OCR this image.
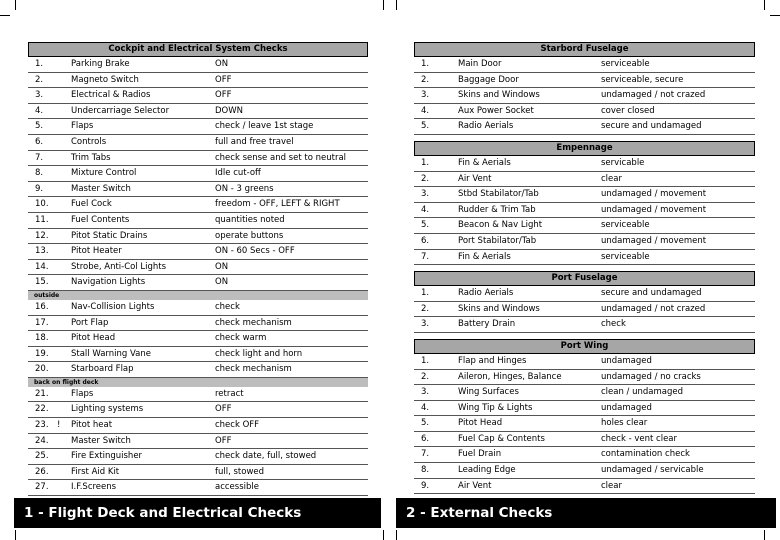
Cockpit and Electrical System Checks
1.	Parking Brake	ON
2.	Magneto Switch	OFF
3.	Electrical & Radios	OFF
4.	Undercarriage Selector	DOWN
5.	Flaps	check / leave 1st stage
6.	Controls	full and free travel
7.	Trim Tabs	check sense and set to neutral
8.	Mixture Control	Idle cut-off
9.	Master Switch	ON - 3 greens
10.	Fuel Cock	freedom - OFF, LEFT & RIGHT
11.	Fuel Contents	quantities noted
12.	Pitot Static Drains	operate buttons
13.	Pitot Heater	ON - 60 Secs - OFF
14.	Strobe, Anti-Col Lights	ON
15.	Navigation Lights	ON
outside
16.	Nav-Collision Lights	check
17.	Port Flap	check mechanism
18.	Pitot Head	check warm
19.	Stall Warning Vane	check light and horn
20.	Starboard Flap	check mechanism
back on flight deck
21.	Flaps	retract
22.	Lighting systems	OFF
23. ! Pitot heat	check OFF
24.	Master Switch	OFF
25.	Fire Extinguisher	check date, full, stowed
26.	First Aid Kit	full, stowed
27.	I.F.Screens	accessible
Starbord Fuselage
1.	Main Door	serviceable
2.	Baggage Door	serviceable, secure
3.	Skins and Windows	undamaged / not crazed
4.	Aux Power Socket	cover closed
5.	Radio Aerials	secure and undamaged
Empennage
1.	Fin & Aerials	servicable
2.	Air Vent	clear
3.	Stbd Stabilator/Tab	undamaged / movement
4.	Rudder & Trim Tab	undamaged / movement
5.	Beacon & Nav Light	serviceable
6.	Port Stabilator/Tab	undamaged / movement
7.	Fin & Aerials	serviceable
Port Fuselage
1.	Radio Aerials	secure and undamaged
2.	Skins and Windows	undamaged / not crazed
3.	Battery Drain	check
Port Wing
1.	Flap and Hinges	undamaged
2.	Aileron, Hinges, Balance	undamaged / no cracks
3.	Wing Surfaces	clean / undamaged
4.	Wing Tip & Lights	undamaged
5.	Pitot Head	holes clear
6.	Fuel Cap & Contents	check - vent clear
7.	Fuel Drain	contamination check
8.	Leading Edge	undamaged / servicable
9.	Air Vent	clear
1 - Flight Deck and Electrical Checks	2 - External Checks
